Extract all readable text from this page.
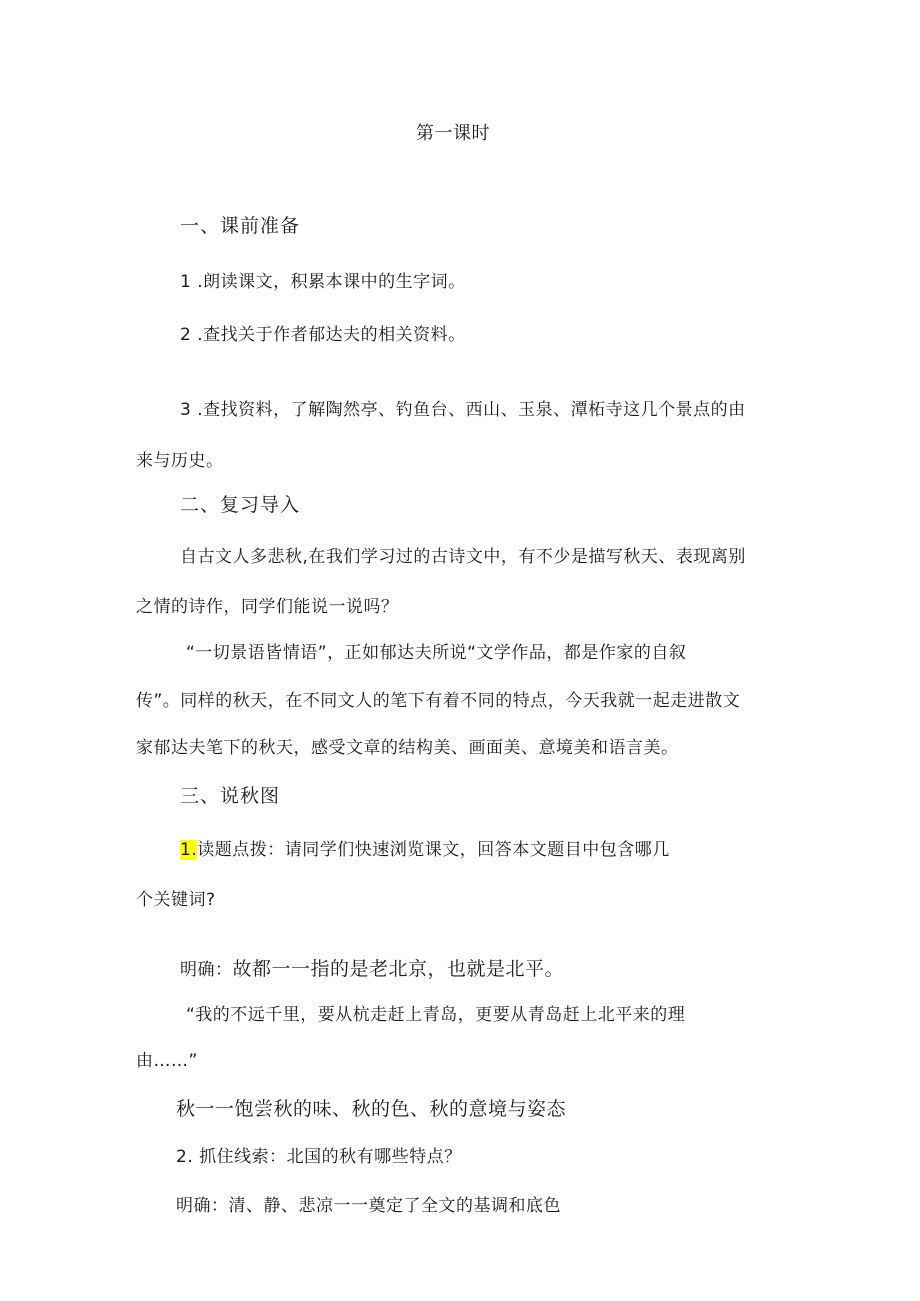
第一课时
一、课前准备
1 .朗读课文，积累本课中的生字词。
2 .查找关于作者郁达夫的相关资料。
3 .查找资料，了解陶然亭、钓鱼台、西山、玉泉、潭柘寺这几个景点的由
来与历史。
二、复习导入
自古文人多悲秋,在我们学习过的古诗文中，有不少是描写秋天、表现离别
之情的诗作，同学们能说一说吗？
“一切景语皆情语”，正如郁达夫所说“文学作品，都是作家的自叙
传”。同样的秋天，在不同文人的笔下有着不同的特点，今天我就一起走进散文
家郁达夫笔下的秋天，感受文章的结构美、画面美、意境美和语言美。
三、说秋图
1.读题点拨：请同学们快速浏览课文，回答本文题目中包含哪几
个关键词?
明确：故都一一指的是老北京，也就是北平。
“我的不远千里，要从杭走赶上青岛，更要从青岛赶上北平来的理
由……”
秋一一饱尝秋的味、秋的色、秋的意境与姿态
2. 抓住线索：北国的秋有哪些特点？
明确：清、静、悲凉一一奠定了全文的基调和底色
